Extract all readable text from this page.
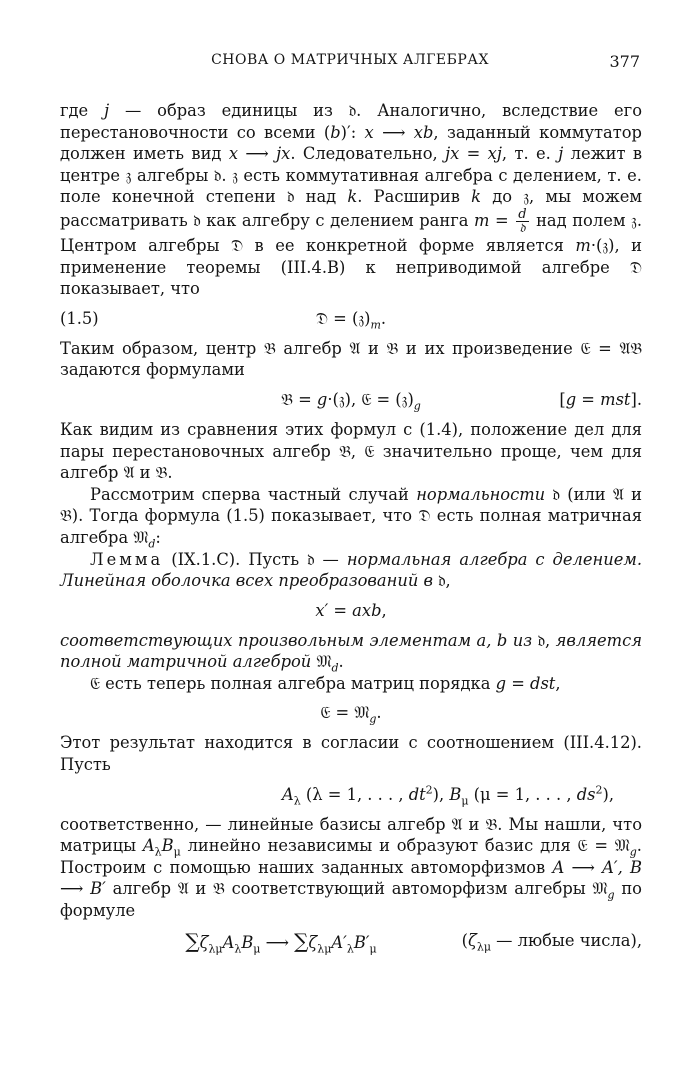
СНОВА О МАТРИЧНЫХ АЛГЕБРАХ	377

где j — образ единицы из 𝔡. Аналогично, вследствие его перестановочности со всеми (b)′: x ⟶ xb, заданный коммутатор должен иметь вид x ⟶ jx. Следовательно, jx = xj, т. е. j лежит в центре 𝔷 алгебры 𝔡. 𝔷 есть коммутативная алгебра с делением, т. е. поле конечной степени 𝔡 над k. Расширив k до 𝔷, мы можем рассматривать 𝔡 как алгебру с делением ранга $m = \frac{d}{\text{𝔡}}$ над полем 𝔷. Центром алгебры 𝔇 в ее конкретной форме является m·(𝔷), и применение теоремы (III.4.B) к неприводимой алгебре 𝔇 показывает, что

(1.5)	𝔇 = $(𝔷)_m$.

Таким образом, центр 𝔅 алгебр 𝔄 и 𝔅 и их произведение 𝔈 = 𝔄𝔅 задаются формулами

𝔅 = g·(𝔷), 𝔈 = $(𝔷)_g$	[g = mst].

Как видим из сравнения этих формул с (1.4), положение дел для пары перестановочных алгебр 𝔅, 𝔈 значительно проще, чем для алгебр 𝔄 и 𝔅.

Рассмотрим сперва частный случай нормальности 𝔡 (или 𝔄 и 𝔅). Тогда формула (1.5) показывает, что 𝔇 есть полная матричная алгебра 𝔐$_d$:

Лемма (IX.1.C). Пусть 𝔡 — нормальная алгебра с делением. Линейная оболочка всех преобразований в 𝔡,

x′ = axb,

соответствующих произвольным элементам a, b из 𝔡, является полной матричной алгеброй 𝔐$_d$.

𝔈 есть теперь полная алгебра матриц порядка g = dst,

𝔈 = 𝔐$_g$.

Этот результат находится в согласии с соотношением (III.4.12). Пусть

$A_\lambda$ (λ = 1, . . . , $dt^2$), $B_\mu$ (μ = 1, . . . , $ds^2$),

соответственно, — линейные базисы алгебр 𝔄 и 𝔅. Мы нашли, что матрицы $A_\lambda B_\mu$ линейно независимы и образуют базис для 𝔈 = 𝔐$_g$. Построим с помощью наших заданных автоморфизмов A ⟶ A′, B ⟶ B′ алгебр 𝔄 и 𝔅 соответствующий автоморфизм алгебры 𝔐$_g$ по формуле

$\sum\zeta_{\lambda\mu}A_\lambda B_\mu$ ⟶ $\sum\zeta_{\lambda\mu}A'_\lambda B'_\mu$	($\zeta_{\lambda\mu}$ — любые числа),
